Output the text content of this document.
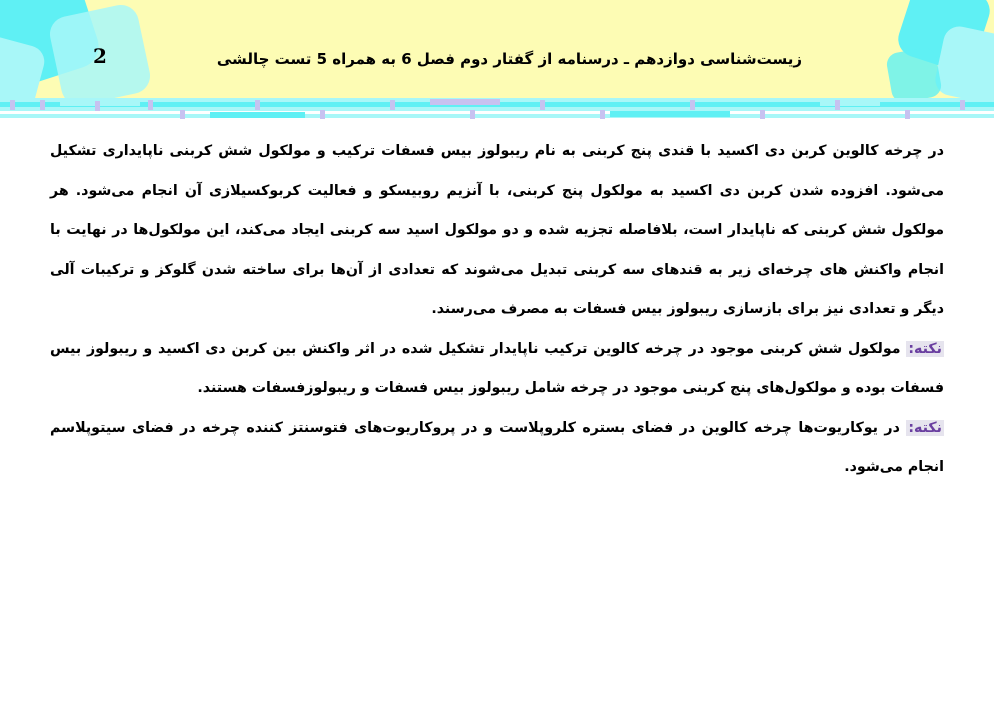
2	زیست‌شناسی دوازدهم ـ درسنامه از گفتار دوم فصل 6 به همراه 5 تست چالشی

در چرخه کالوین کربن دی اکسید با قندی پنج کربنی به نام ریبولوز بیس فسفات ترکیب و مولکول شش کربنی ناپایداری تشکیل می‌شود. افزوده شدن کربن دی اکسید به مولکول پنج کربنی، با آنزیم روبیسکو و فعالیت کربوکسیلازی آن انجام می‌شود. هر مولکول شش کربنی که ناپایدار است، بلافاصله تجزیه شده و دو مولکول اسید سه کربنی ایجاد می‌کند، این مولکول‌ها در نهایت با انجام واکنش های چرخه‌ای زیر به قندهای سه کربنی تبدیل می‌شوند که تعدادی از آن‌ها برای ساخته شدن گلوکز و ترکیبات آلی دیگر و تعدادی نیز برای بازسازی ریبولوز بیس فسفات به مصرف می‌رسند.

نکته: مولکول شش کربنی موجود در چرخه کالوین ترکیب ناپایدار تشکیل شده در اثر واکنش بین کربن دی اکسید و ریبولوز بیس فسفات بوده و مولکول‌های پنج کربنی موجود در چرخه شامل ریبولوز بیس فسفات و ریبولوزفسفات هستند.

نکته: در یوکاریوت‌ها چرخه کالوین در فضای بستره کلروپلاست و در پروکاریوت‌های فتوسنتز کننده چرخه در فضای سیتوپلاسم انجام می‌شود.
